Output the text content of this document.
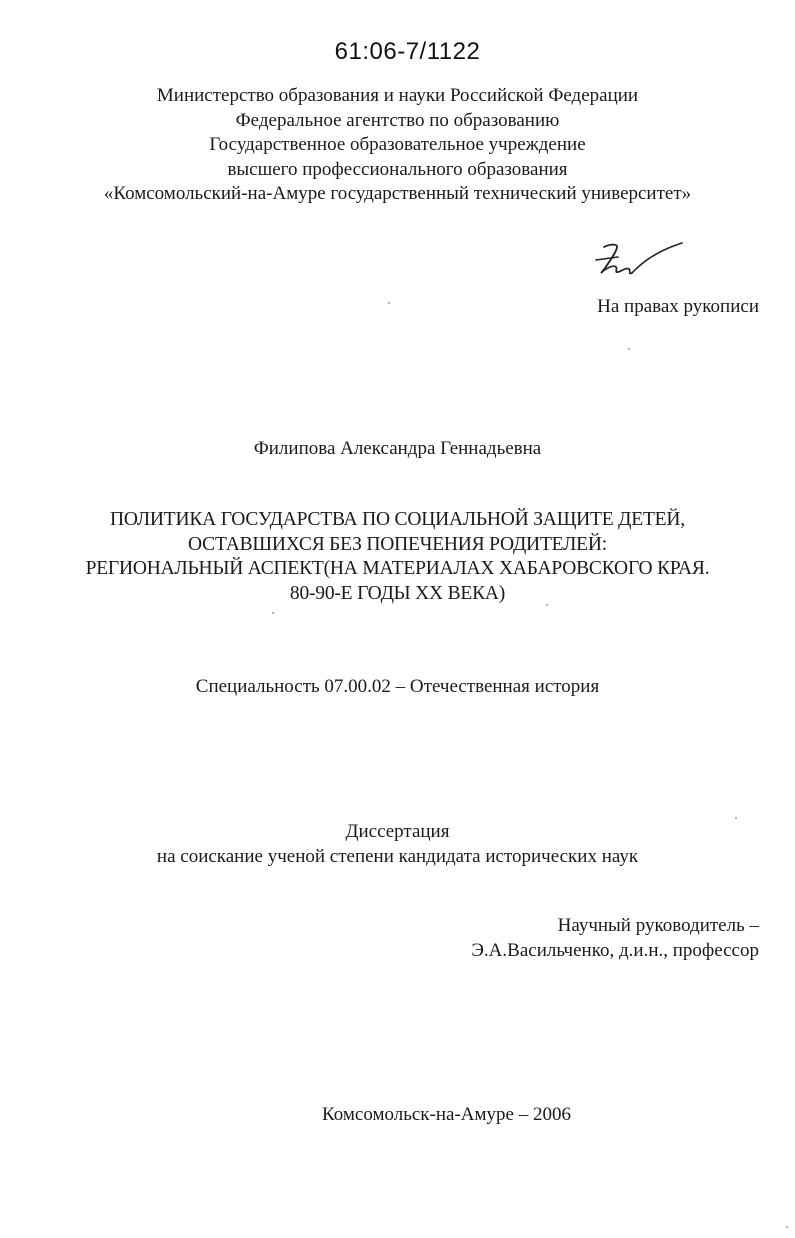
61:06-7/1122
Министерство образования и науки Российской Федерации
Федеральное агентство по образованию
Государственное образовательное учреждение
высшего профессионального образования
«Комсомольский-на-Амуре государственный технический университет»
На правах рукописи
Филипова Александра Геннадьевна
ПОЛИТИКА ГОСУДАРСТВА ПО СОЦИАЛЬНОЙ ЗАЩИТЕ ДЕТЕЙ,
ОСТАВШИХСЯ БЕЗ ПОПЕЧЕНИЯ РОДИТЕЛЕЙ:
РЕГИОНАЛЬНЫЙ АСПЕКТ(НА МАТЕРИАЛАХ ХАБАРОВСКОГО КРАЯ.
80-90-Е ГОДЫ XX ВЕКА)
Специальность 07.00.02 – Отечественная история
Диссертация
на соискание ученой степени кандидата исторических наук
Научный руководитель –
Э.А.Васильченко, д.и.н., профессор
Комсомольск-на-Амуре – 2006
